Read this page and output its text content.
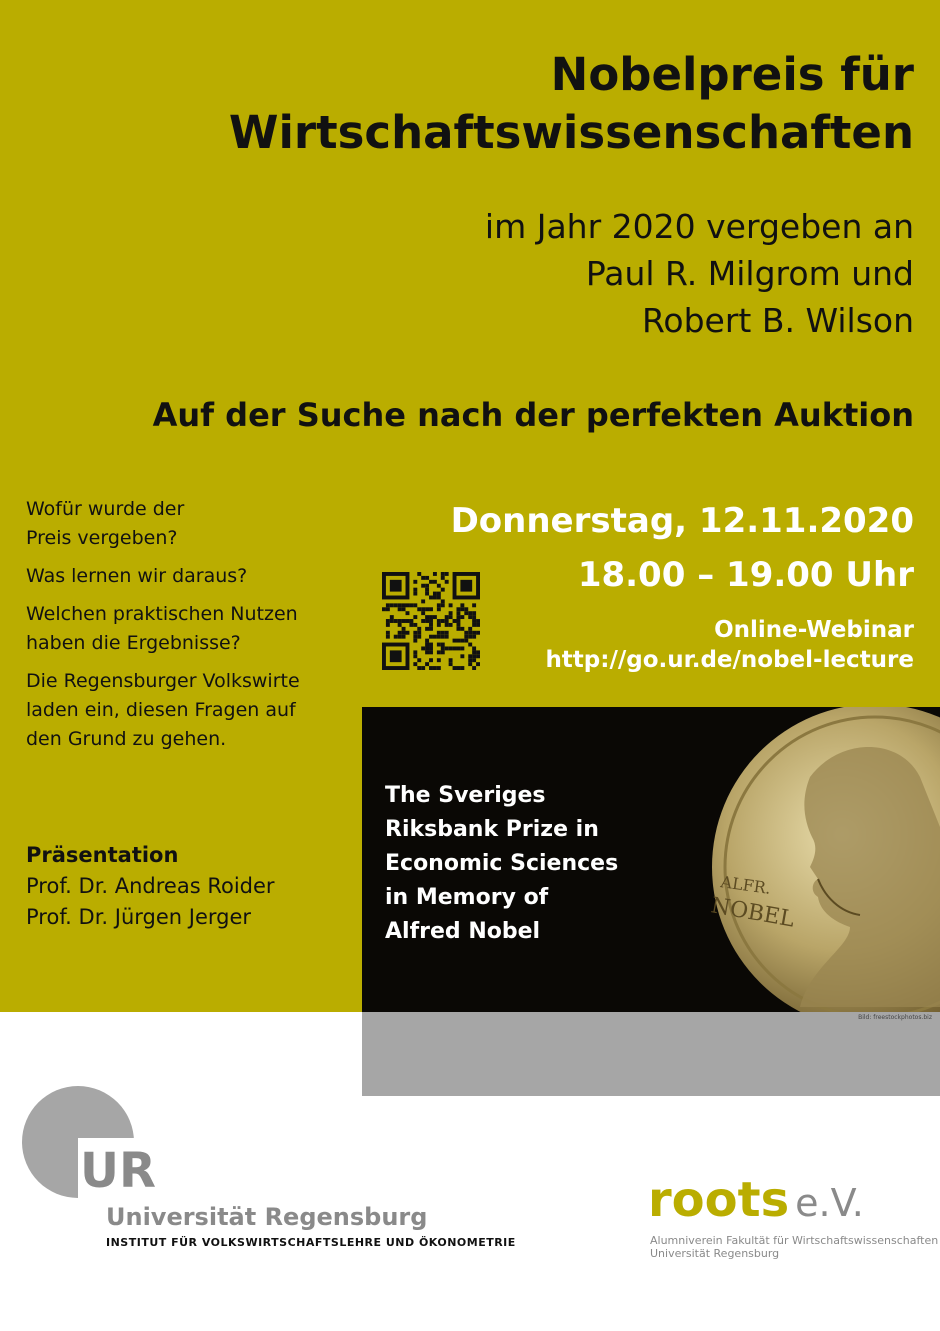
Nobelpreis für
Wirtschaftswissenschaften
im Jahr 2020 vergeben an
Paul R. Milgrom und
Robert B. Wilson
Auf der Suche nach der perfekten Auktion

Wofür wurde der
Preis vergeben?

Was lernen wir daraus?

Welchen praktischen Nutzen
haben die Ergebnisse?

Die Regensburger Volkswirte
laden ein, diesen Fragen auf
den Grund zu gehen.

Donnerstag, 12.11.2020
18.00 – 19.00 Uhr
Online-Webinar
http://go.ur.de/nobel-lecture
Präsentation
Prof. Dr. Andreas Roider
Prof. Dr. Jürgen Jerger
The Sveriges
Riksbank Prize in
Economic Sciences
in Memory of
Alfred Nobel
ALFR.
NOBEL
Bild: freestockphotos.biz
UR
Universität Regensburg
INSTITUT FÜR VOLKSWIRTSCHAFTSLEHRE UND ÖKONOMETRIE
roots e.V.
Alumniverein Fakultät für Wirtschaftswissenschaften
Universität Regensburg
